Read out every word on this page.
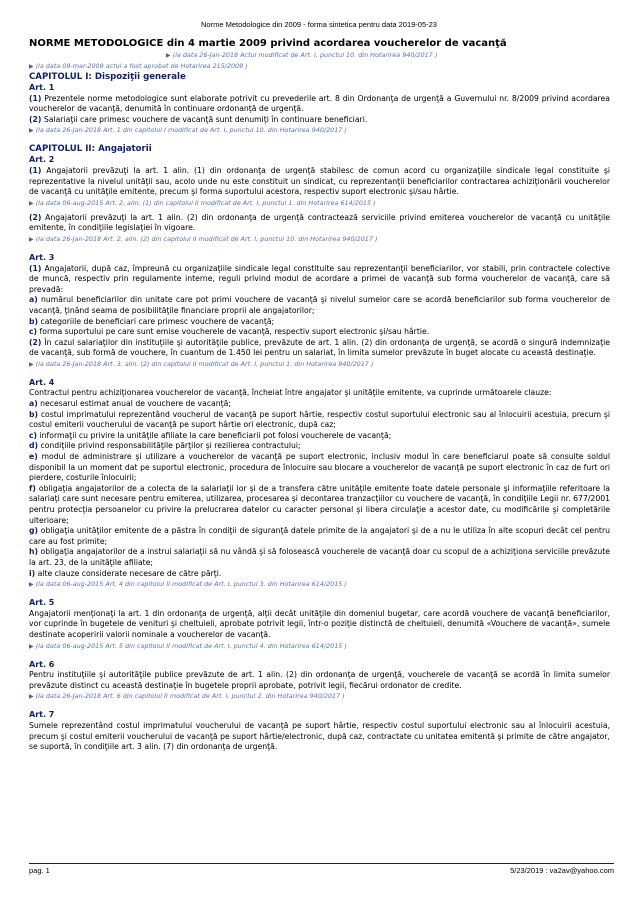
Norme Metodologice din 2009 - forma sintetica pentru data 2019-05-23

NORME METODOLOGICE din 4 martie 2009 privind acordarea voucherelor de vacanţă

▶ (la data 26-Jan-2018 Actul modificat de Art. I, punctul 10. din Hotarirea 940/2017 )
▶ (la data 09-mar-2009 actul a fost aprobat de Hotarirea 215/2009 )

CAPITOLUL I: Dispoziţii generale

Art. 1

(1) Prezentele norme metodologice sunt elaborate potrivit cu prevederile art. 8 din Ordonanţa de urgenţă a Guvernului nr. 8/2009 privind acordarea voucherelor de vacanţă, denumită în continuare ordonanţă de urgenţă.

(2) Salariaţii care primesc vouchere de vacanţă sunt denumiţi în continuare beneficiari.

▶ (la data 26-Jan-2018 Art. 1 din capitolul I modificat de Art. I, punctul 10. din Hotarirea 940/2017 )

CAPITOLUL II: Angajatorii

Art. 2

(1) Angajatorii prevăzuţi la art. 1 alin. (1) din ordonanţa de urgenţă stabilesc de comun acord cu organizaţiile sindicale legal constituite şi reprezentative la nivelul unităţii sau, acolo unde nu este constituit un sindicat, cu reprezentanţii beneficiarilor contractarea achiziţionării voucherelor de vacanţă cu unităţile emitente, precum şi forma suportului acestora, respectiv suport electronic şi/sau hârtie.

▶ (la data 06-aug-2015 Art. 2, alin. (1) din capitolul II modificat de Art. I, punctul 1. din Hotarirea 614/2015 )

(2) Angajatorii prevăzuţi la art. 1 alin. (2) din ordonanţa de urgenţă contractează serviciile privind emiterea voucherelor de vacanţă cu unităţile emitente, în condiţiile legislaţiei în vigoare.

▶ (la data 26-Jan-2018 Art. 2, alin. (2) din capitolul II modificat de Art. I, punctul 10. din Hotarirea 940/2017 )

Art. 3

(1) Angajatorii, după caz, împreună cu organizaţiile sindicale legal constituite sau reprezentanţii beneficiarilor, vor stabili, prin contractele colective de muncă, respectiv prin regulamente interne, reguli privind modul de acordare a primei de vacanţă sub forma voucherelor de vacanţă, care să prevadă:

a) numărul beneficiarilor din unitate care pot primi vouchere de vacanţă şi nivelul sumelor care se acordă beneficiarilor sub forma voucherelor de vacanţă, ţinând seama de posibilităţile financiare proprii ale angajatorilor;

b) categoriile de beneficiari care primesc vouchere de vacanţă;

c) forma suportului pe care sunt emise voucherele de vacanţă, respectiv suport electronic şi/sau hârtie.

(2) În cazul salariaţilor din instituţiile şi autorităţile publice, prevăzute de art. 1 alin. (2) din ordonanţa de urgenţă, se acordă o singură indemnizaţie de vacanţă, sub formă de vouchere, în cuantum de 1.450 lei pentru un salariat, în limita sumelor prevăzute în buget alocate cu această destinaţie.

▶ (la data 26-Jan-2018 Art. 3, alin. (2) din capitolul II modificat de Art. I, punctul 1. din Hotarirea 940/2017 )

Art. 4

Contractul pentru achiziţionarea voucherelor de vacanţă, încheiat între angajator şi unităţile emitente, va cuprinde următoarele clauze:

a) necesarul estimat anual de vouchere de vacanţă;

b) costul imprimatului reprezentând voucherul de vacanţă pe suport hârtie, respectiv costul suportului electronic sau al înlocuirii acestuia, precum şi costul emiterii voucherului de vacanţă pe suport hârtie ori electronic, după caz;

c) informaţii cu privire la unităţile afiliate la care beneficiarii pot folosi voucherele de vacanţă;

d) condiţiile privind responsabilităţile părţilor şi rezilierea contractului;

e) modul de administrare şi utilizare a voucherelor de vacanţă pe suport electronic, inclusiv modul în care beneficiarul poate să consulte soldul disponibil la un moment dat pe suportul electronic, procedura de înlocuire sau blocare a voucherelor de vacanţă pe suport electronic în caz de furt ori pierdere, costurile înlocuirii;

f) obligaţia angajatorilor de a colecta de la salariaţii lor şi de a transfera către unităţile emitente toate datele personale şi informaţiile referitoare la salariaţi care sunt necesare pentru emiterea, utilizarea, procesarea şi decontarea tranzacţiilor cu vouchere de vacanţă, în condiţiile Legii nr. 677/2001 pentru protecţia persoanelor cu privire la prelucrarea datelor cu caracter personal şi libera circulaţie a acestor date, cu modificările şi completările ulterioare;

g) obligaţia unităţilor emitente de a păstra în condiţii de siguranţă datele primite de la angajatori şi de a nu le utiliza în alte scopuri decât cel pentru care au fost primite;

h) obligaţia angajatorilor de a instrui salariaţii să nu vândă şi să folosească voucherele de vacanţă doar cu scopul de a achiziţiona serviciile prevăzute la art. 23, de la unităţile afiliate;

i) alte clauze considerate necesare de către părţi.

▶ (la data 06-aug-2015 Art. 4 din capitolul II modificat de Art. I, punctul 3. din Hotarirea 614/2015 )

Art. 5

Angajatorii menţionaţi la art. 1 din ordonanţa de urgenţă, alţii decât unităţile din domeniul bugetar, care acordă vouchere de vacanţă beneficiarilor, vor cuprinde în bugetele de venituri şi cheltuieli, aprobate potrivit legii, într-o poziţie distinctă de cheltuieli, denumită «Vouchere de vacanţă», sumele destinate acoperirii valorii nominale a voucherelor de vacanţă.

▶ (la data 06-aug-2015 Art. 5 din capitolul II modificat de Art. I, punctul 4. din Hotarirea 614/2015 )

Art. 6

Pentru instituţiile şi autorităţile publice prevăzute de art. 1 alin. (2) din ordonanţa de urgenţă, voucherele de vacanţă se acordă în limita sumelor prevăzute distinct cu această destinaţie în bugetele proprii aprobate, potrivit legii, fiecărui ordonator de credite.

▶ (la data 26-Jan-2018 Art. 6 din capitolul II modificat de Art. I, punctul 2. din Hotarirea 940/2017 )

Art. 7

Sumele reprezentând costul imprimatului voucherului de vacanţă pe suport hârtie, respectiv costul suportului electronic sau al înlocuirii acestuia, precum şi costul emiterii voucherului de vacanţă pe suport hârtie/electronic, după caz, contractate cu unitatea emitentă şi primite de către angajator, se suportă, în condiţiile art. 3 alin. (7) din ordonanţa de urgenţă.

pag. 1	5/23/2019 : va2av@yahoo.com
